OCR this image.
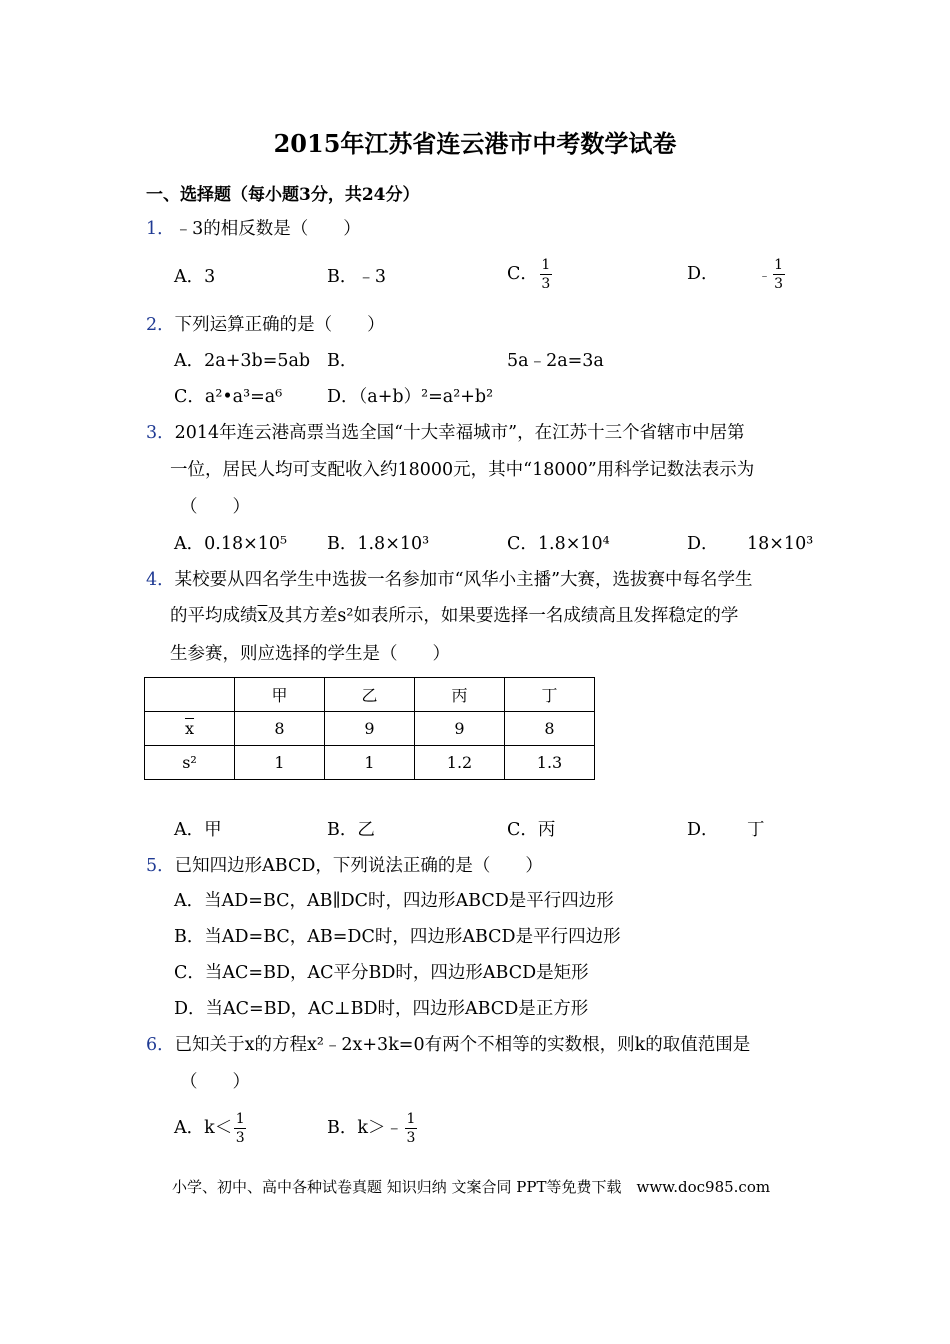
2015年江苏省连云港市中考数学试卷
一、选择题（每小题3分，共24分）
1．﹣3的相反数是（　　）
A．3	B．﹣3	C． $\frac{1}{3}$	D．	﹣ $\frac{1}{3}$
2．下列运算正确的是（　　）
A．2a+3b=5ab B．	5a﹣2a=3a
C．a²•a³=a⁶	D．（a+b）²=a²+b²
3．2014年连云港高票当选全国“十大幸福城市”，在江苏十三个省辖市中居第
一位，居民人均可支配收入约18000元，其中“18000”用科学记数法表示为
（　　）
A．0.18×10⁵ B．1.8×10³	C．1.8×10⁴	D． 18×10³
4．某校要从四名学生中选拔一名参加市“风华小主播”大赛，选拔赛中每名学生
的平均成绩$\overline{x}$及其方差s²如表所示，如果要选择一名成绩高且发挥稳定的学
生参赛，则应选择的学生是（　　）
	甲	乙	丙	丁
$\overline{x}$	8	9	9	8
s²	1	1	1.2	1.3
A．甲	B．乙	C．丙	D． 丁
5．已知四边形ABCD，下列说法正确的是（　　）
A．当AD=BC，AB∥DC时，四边形ABCD是平行四边形
B．当AD=BC，AB=DC时，四边形ABCD是平行四边形
C．当AC=BD，AC平分BD时，四边形ABCD是矩形
D．当AC=BD，AC⊥BD时，四边形ABCD是正方形
6．已知关于x的方程x²﹣2x+3k=0有两个不相等的实数根，则k的取值范围是
（　　）
A．$k< \frac{1}{3}$	B．k＞﹣ $\frac{1}{3}$
小学、初中、高中各种试卷真题 知识归纳 文案合同 PPT等免费下载　www.doc985.com
